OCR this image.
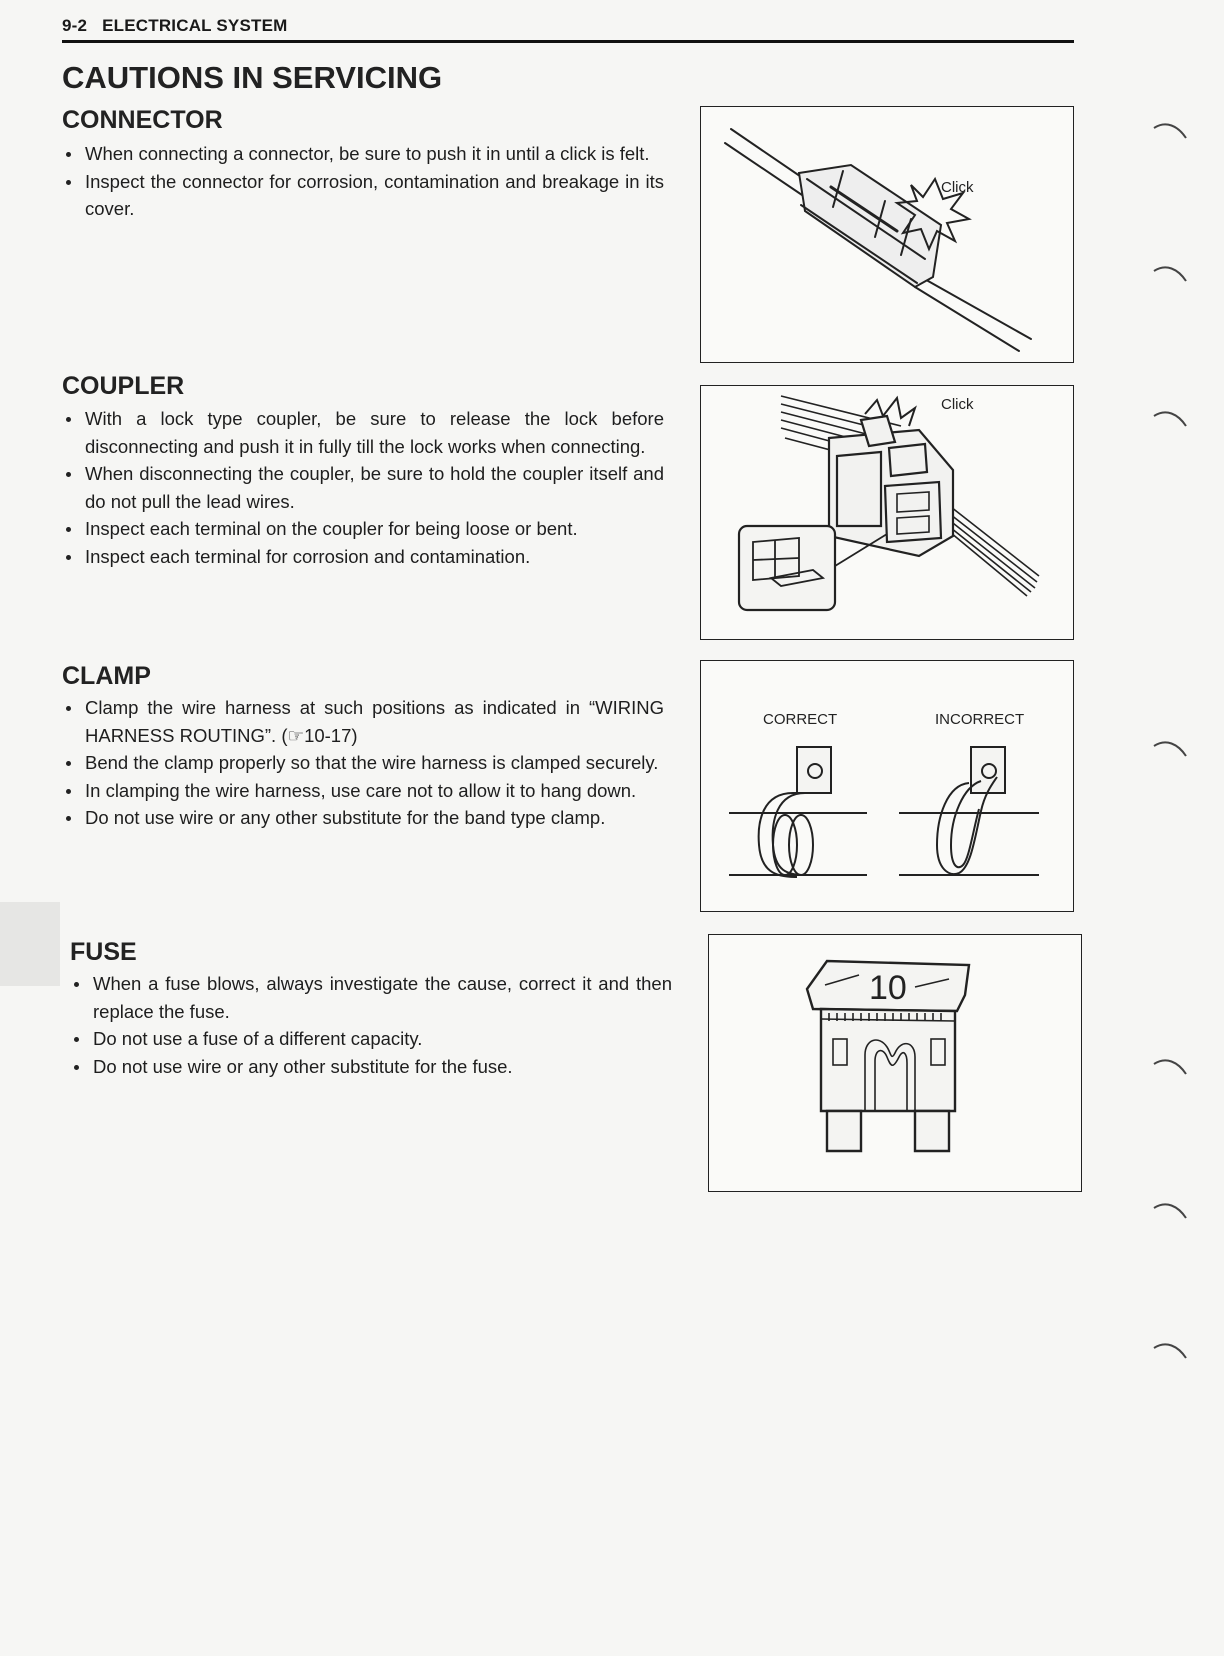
9-2 ELECTRICAL SYSTEM
CAUTIONS IN SERVICING
CONNECTOR
When connecting a connector, be sure to push it in until a click is felt.
Inspect the connector for corrosion, contamination and breakage in its cover.
Click
COUPLER
With a lock type coupler, be sure to release the lock before disconnecting and push it in fully till the lock works when connecting.
When disconnecting the coupler, be sure to hold the coupler itself and do not pull the lead wires.
Inspect each terminal on the coupler for being loose or bent.
Inspect each terminal for corrosion and contamination.
Click
CLAMP
Clamp the wire harness at such positions as indicated in “WIRING HARNESS ROUTING”. (☞10-17)
Bend the clamp properly so that the wire harness is clamped securely.
In clamping the wire harness, use care not to allow it to hang down.
Do not use wire or any other substitute for the band type clamp.
CORRECT	INCORRECT
FUSE
When a fuse blows, always investigate the cause, correct it and then replace the fuse.
Do not use a fuse of a different capacity.
Do not use wire or any other substitute for the fuse.
10
